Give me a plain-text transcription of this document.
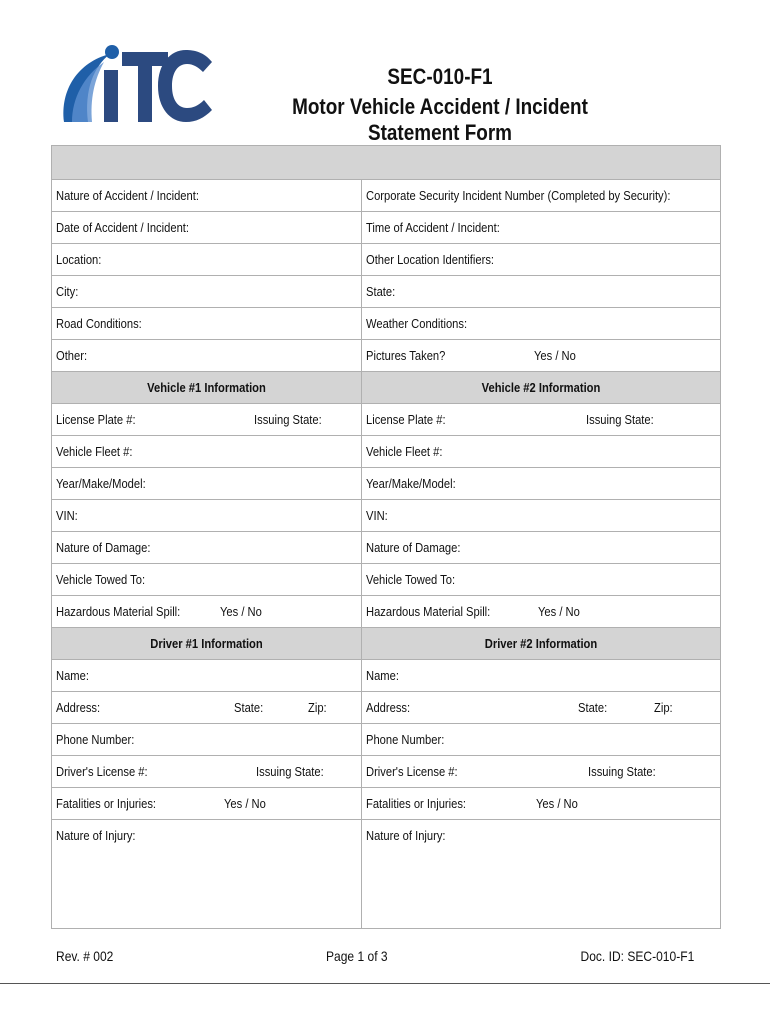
ITC
SEC-010-F1
Motor Vehicle Accident / Incident Statement Form
Nature of Accident / Incident:	Corporate Security Incident Number (Completed by Security):
Date of Accident / Incident:	Time of Accident / Incident:
Location:	Other Location Identifiers:
City:	State:
Road Conditions:	Weather Conditions:
Other:	Pictures Taken?	Yes / No
Vehicle #1 Information	Vehicle #2 Information
License Plate #:	Issuing State:	License Plate #:	Issuing State:
Vehicle Fleet #:	Vehicle Fleet #:
Year/Make/Model:	Year/Make/Model:
VIN:	VIN:
Nature of Damage:	Nature of Damage:
Vehicle Towed To:	Vehicle Towed To:
Hazardous Material Spill:	Yes / No	Hazardous Material Spill:	Yes / No
Driver #1 Information	Driver #2 Information
Name:	Name:
Address:	State:	Zip:	Address:	State:	Zip:
Phone Number:	Phone Number:
Driver's License #:	Issuing State:	Driver's License #:	Issuing State:
Fatalities or Injuries:	Yes / No	Fatalities or Injuries:	Yes / No
Nature of Injury:	Nature of Injury:
Rev. # 002	Page 1 of 3	Doc. ID: SEC-010-F1
